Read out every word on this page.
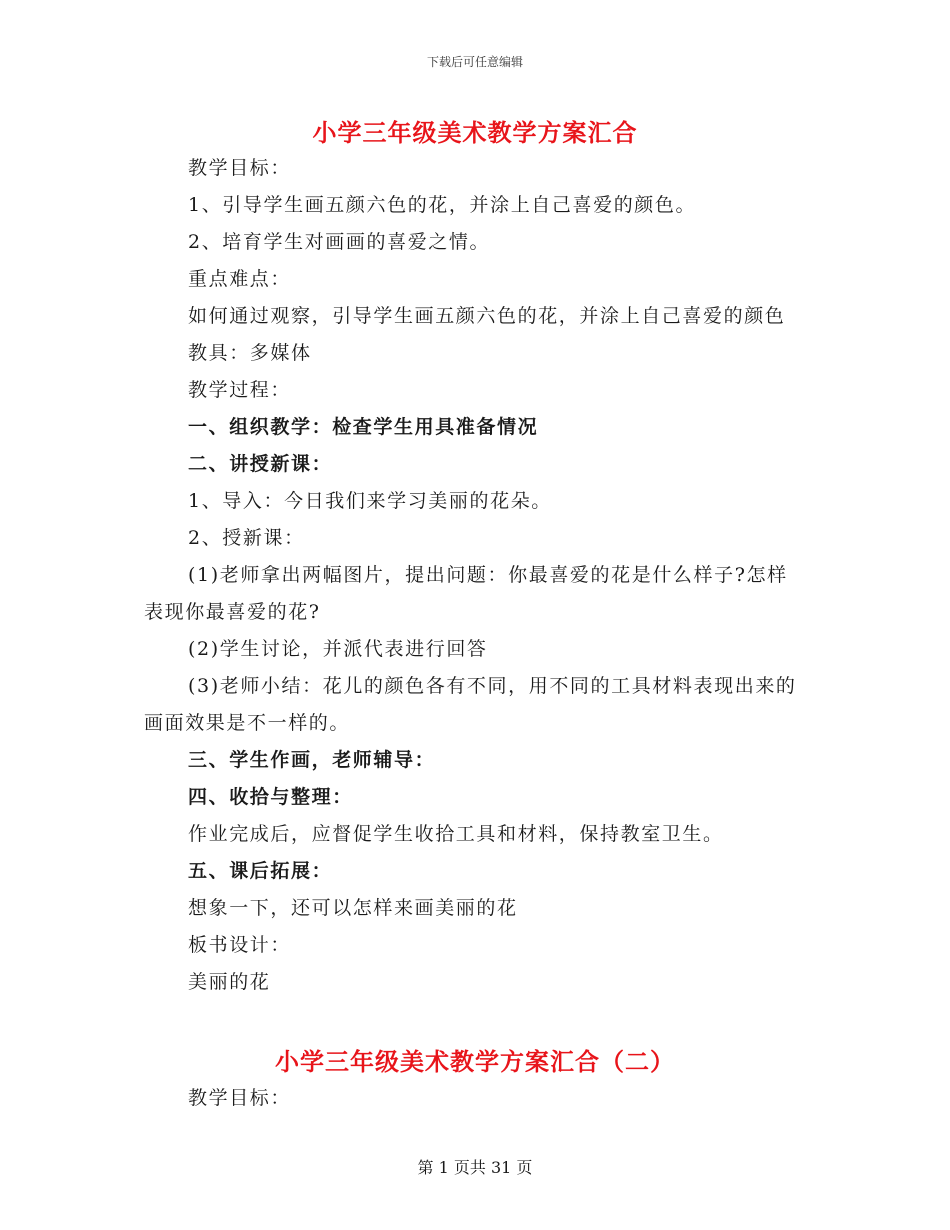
下载后可任意编辑
小学三年级美术教学方案汇合

教学目标：

1、引导学生画五颜六色的花，并涂上自己喜爱的颜色。

2、培育学生对画画的喜爱之情。

重点难点：

如何通过观察，引导学生画五颜六色的花，并涂上自己喜爱的颜色

教具：多媒体

教学过程：

一、组织教学：检查学生用具准备情况

二、讲授新课：

1、导入：今日我们来学习美丽的花朵。

2、授新课：

(1)老师拿出两幅图片，提出问题：你最喜爱的花是什么样子?怎样表现你最喜爱的花?

(2)学生讨论，并派代表进行回答

(3)老师小结：花儿的颜色各有不同，用不同的工具材料表现出来的画面效果是不一样的。

三、学生作画，老师辅导：

四、收拾与整理：

作业完成后，应督促学生收拾工具和材料，保持教室卫生。

五、课后拓展：

想象一下，还可以怎样来画美丽的花

板书设计：

美丽的花

小学三年级美术教学方案汇合（二）

教学目标：

第 1 页共 31 页
